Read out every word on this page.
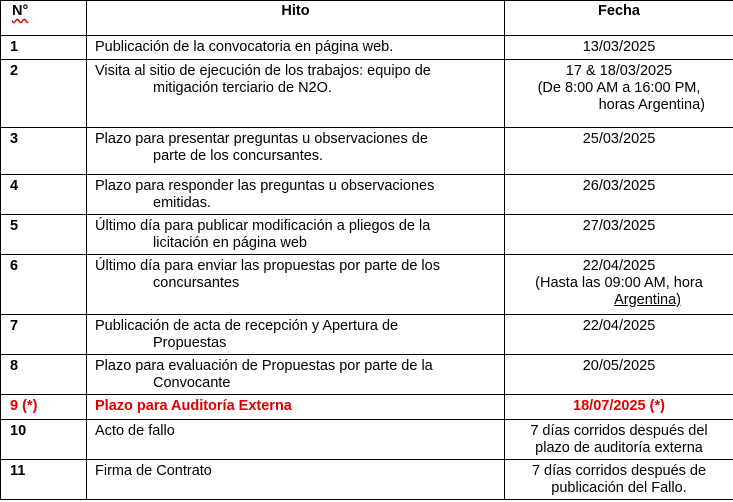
N°	Hito	Fecha
1	Publicación de la convocatoria en página web.	13/03/2025

2	Visita al sitio de ejecución de los trabajos: equipo de
mitigación terciario de N2O.	17 & 18/03/2025
(De 8:00 AM a 16:00 PM,
horas Argentina)

3	Plazo para presentar preguntas u observaciones de
parte de los concursantes.	25/03/2025

4	Plazo para responder las preguntas u observaciones
emitidas.	26/03/2025

5	Último día para publicar modificación a pliegos de la
licitación en página web	27/03/2025

6	Último día para enviar las propuestas por parte de los
concursantes	22/04/2025
(Hasta las 09:00 AM, hora
Argentina)

7	Publicación de acta de recepción y Apertura de
Propuestas	22/04/2025

8	Plazo para evaluación de Propuestas por parte de la
Convocante	20/05/2025

9 (*)	Plazo para Auditoría Externa	18/07/2025 (*)

10	Acto de fallo	7 días corridos después del
plazo de auditoría externa

11	Firma de Contrato	7 días corridos después de
publicación del Fallo.
